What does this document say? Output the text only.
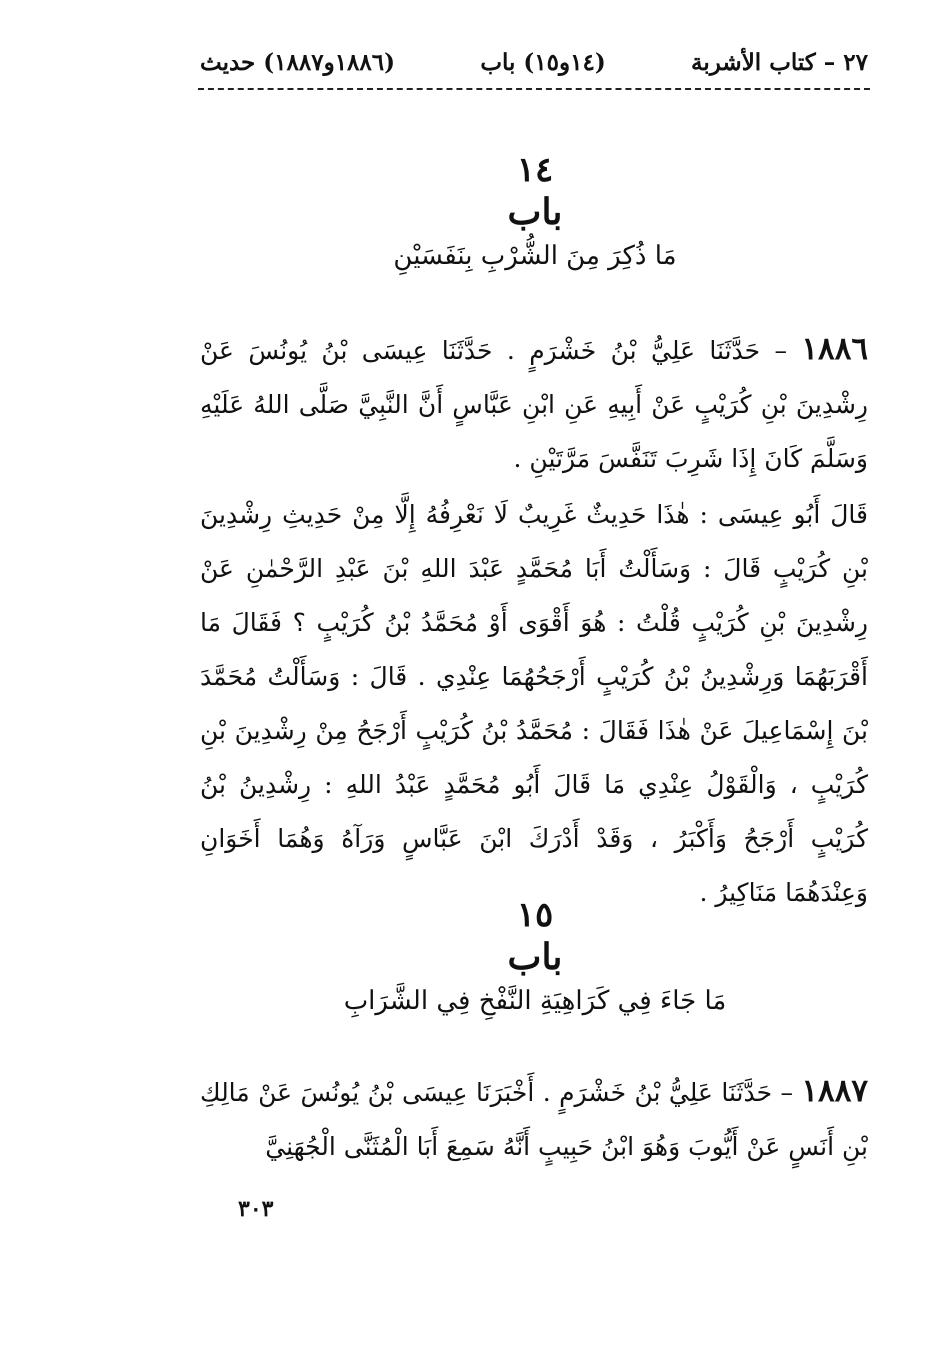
٢٧ – كتاب الأشربة
(١٤و١٥) باب
(١٨٨٦و١٨٨٧) حديث
١٤
باب
مَا ذُكِرَ مِنَ الشُّرْبِ بِنَفَسَيْنِ
١٨٨٦ – حَدَّثَنَا عَلِيُّ بْنُ خَشْرَمٍ . حَدَّثَنَا عِيسَى بْنُ يُونُسَ عَنْ رِشْدِينَ بْنِ كُرَيْبٍ عَنْ أَبِيهِ عَنِ ابْنِ عَبَّاسٍ أَنَّ النَّبِيَّ صَلَّى اللهُ عَلَيْهِ وَسَلَّمَ كَانَ إِذَا شَرِبَ تَنَفَّسَ مَرَّتَيْنِ .
قَالَ أَبُو عِيسَى : هٰذَا حَدِيثٌ غَرِيبٌ لَا نَعْرِفُهُ إِلَّا مِنْ حَدِيثِ رِشْدِينَ بْنِ كُرَيْبٍ قَالَ : وَسَأَلْتُ أَبَا مُحَمَّدٍ عَبْدَ اللهِ بْنَ عَبْدِ الرَّحْمٰنِ عَنْ رِشْدِينَ بْنِ كُرَيْبٍ قُلْتُ : هُوَ أَقْوَى أَوْ مُحَمَّدُ بْنُ كُرَيْبٍ ؟ فَقَالَ مَا أَقْرَبَهُمَا وَرِشْدِينُ بْنُ كُرَيْبٍ أَرْجَحُهُمَا عِنْدِي . قَالَ : وَسَأَلْتُ مُحَمَّدَ بْنَ إِسْمَاعِيلَ عَنْ هٰذَا فَقَالَ : مُحَمَّدُ بْنُ كُرَيْبٍ أَرْجَحُ مِنْ رِشْدِينَ بْنِ كُرَيْبٍ ، وَالْقَوْلُ عِنْدِي مَا قَالَ أَبُو مُحَمَّدٍ عَبْدُ اللهِ : رِشْدِينُ بْنُ كُرَيْبٍ أَرْجَحُ وَأَكْبَرُ ، وَقَدْ أَدْرَكَ ابْنَ عَبَّاسٍ وَرَآهُ وَهُمَا أَخَوَانِ وَعِنْدَهُمَا مَنَاكِيرُ .
١٥
باب
مَا جَاءَ فِي كَرَاهِيَةِ النَّفْخِ فِي الشَّرَابِ
١٨٨٧ – حَدَّثَنَا عَلِيُّ بْنُ خَشْرَمٍ . أَخْبَرَنَا عِيسَى بْنُ يُونُسَ عَنْ مَالِكِ بْنِ أَنَسٍ عَنْ أَيُّوبَ وَهُوَ ابْنُ حَبِيبٍ أَنَّهُ سَمِعَ أَبَا الْمُثَنَّى الْجُهَنِيَّ
٣٠٣
